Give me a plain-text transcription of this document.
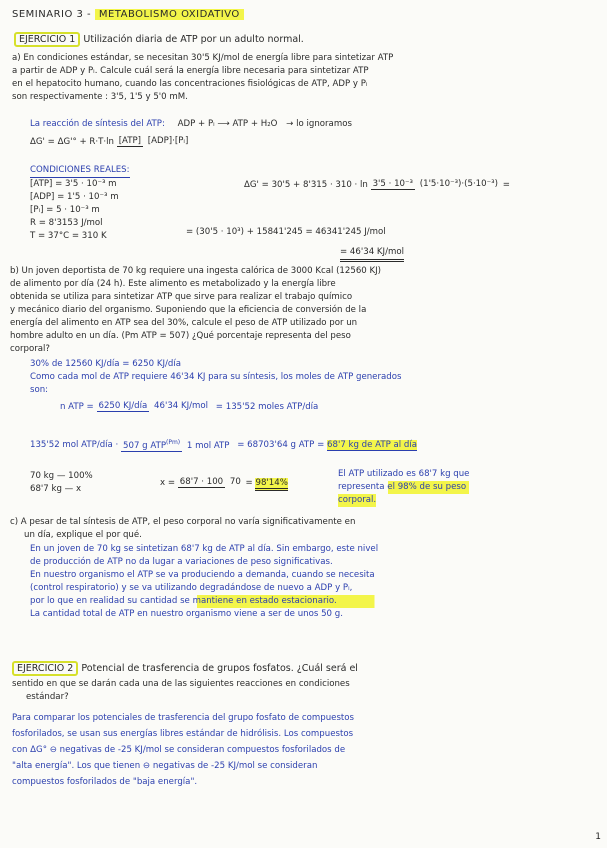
SEMINARIO 3 - METABOLISMO OXIDATIVO
EJERCICIO 1 Utilización diaria de ATP por un adulto normal.
a) En condiciones estándar, se necesitan 30'5 KJ/mol de energía libre para sintetizar ATP
a partir de ADP y Pᵢ. Calcule cuál será la energía libre necesaria para sintetizar ATP
en el hepatocito humano, cuando las concentraciones fisiológicas de ATP, ADP y Pᵢ
son respectivamente : 3'5, 1'5 y 5'0 mM.
La reacción de síntesis del ATP: ADP + Pᵢ ⟶ ATP + H₂O → lo ignoramos
ΔG' = ΔG'° + R·T·ln [ATP] [ADP]·[Pᵢ]
CONDICIONES REALES:
[ATP] = 3'5 · 10⁻³ m
[ADP] = 1'5 · 10⁻³ m
[Pᵢ] = 5 · 10⁻³ m
R = 8'3153 J/mol
T = 37°C = 310 K
ΔG' = 30'5 + 8'315 · 310 · ln 3'5 · 10⁻³ (1'5·10⁻³)·(5·10⁻³) =
= (30'5 · 10³) + 15841'245 = 46341'245 J/mol
= 46'34 KJ/mol
b) Un joven deportista de 70 kg requiere una ingesta calórica de 3000 Kcal (12560 KJ)
de alimento por día (24 h). Este alimento es metabolizado y la energía libre
obtenida se utiliza para sintetizar ATP que sirve para realizar el trabajo químico
y mecánico diario del organismo. Suponiendo que la eficiencia de conversión de la
energía del alimento en ATP sea del 30%, calcule el peso de ATP utilizado por un
hombre adulto en un día. (Pm ATP = 507) ¿Qué porcentaje representa del peso
corporal?
30% de 12560 KJ/día = 6250 KJ/día
Como cada mol de ATP requiere 46'34 KJ para su síntesis, los moles de ATP generados
son:
n ATP = 6250 KJ/día 46'34 KJ/mol = 135'52 moles ATP/día
135'52 mol ATP/día · 507 g $ATP^{(Pm)}$ 1 mol ATP = 68703'64 g ATP = 68'7 kg de ATP al día
70 kg — 100%
68'7 kg — x
x = 68'7 · 100 70 = 98'14%
El ATP utilizado es 68'7 kg que
representa el 98% de su peso
corporal.
c) A pesar de tal síntesis de ATP, el peso corporal no varía significativamente en
un día, explique el por qué.
En un joven de 70 kg se sintetizan 68'7 kg de ATP al día. Sin embargo, este nivel
de producción de ATP no da lugar a variaciones de peso significativas.
En nuestro organismo el ATP se va produciendo a demanda, cuando se necesita
(control respiratorio) y se va utilizando degradándose de nuevo a ADP y Pᵢ,
por lo que en realidad su cantidad se mantiene en estado estacionario.
La cantidad total de ATP en nuestro organismo viene a ser de unos 50 g.
EJERCICIO 2 Potencial de trasferencia de grupos fosfatos. ¿Cuál será el
sentido en que se darán cada una de las siguientes reacciones en condiciones
estándar?
Para comparar los potenciales de trasferencia del grupo fosfato de compuestos
fosforilados, se usan sus energías libres estándar de hidrólisis. Los compuestos
con ΔG° ⊖ negativas de -25 KJ/mol se consideran compuestos fosforilados de
"alta energía". Los que tienen ⊖ negativas de -25 KJ/mol se consideran
compuestos fosforilados de "baja energía".
1
